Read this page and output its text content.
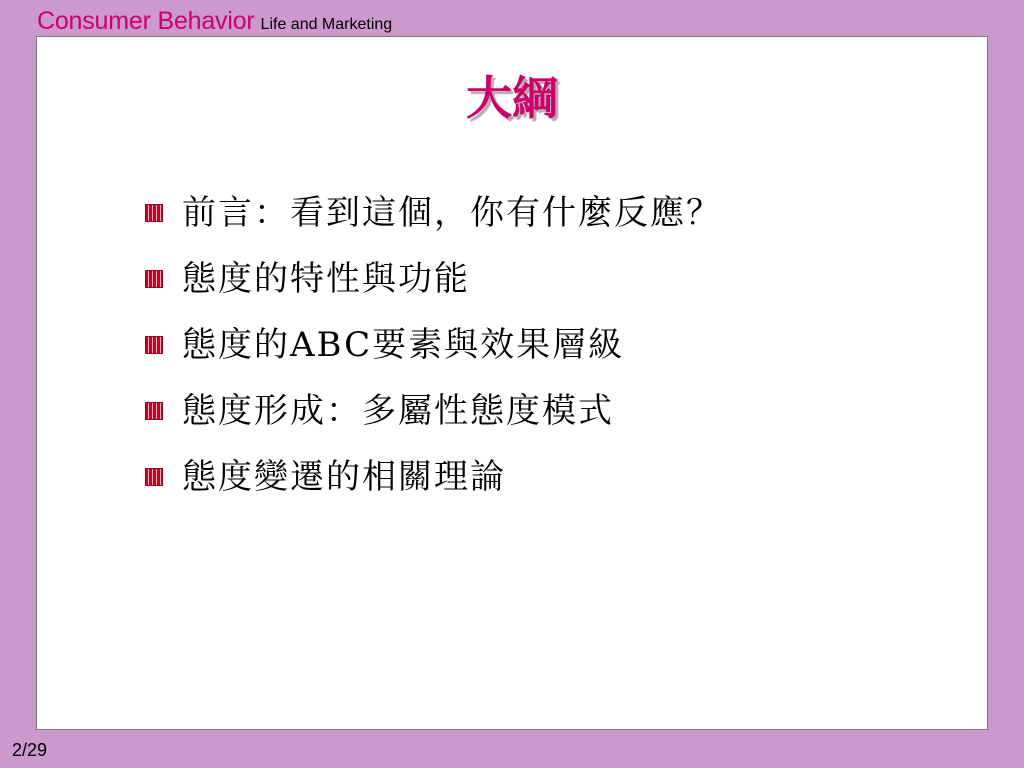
Consumer Behavior Life and Marketing
大綱
前言：看到這個，你有什麼反應？
態度的特性與功能
態度的ABC要素與效果層級
態度形成：多屬性態度模式
態度變遷的相關理論
2/29
